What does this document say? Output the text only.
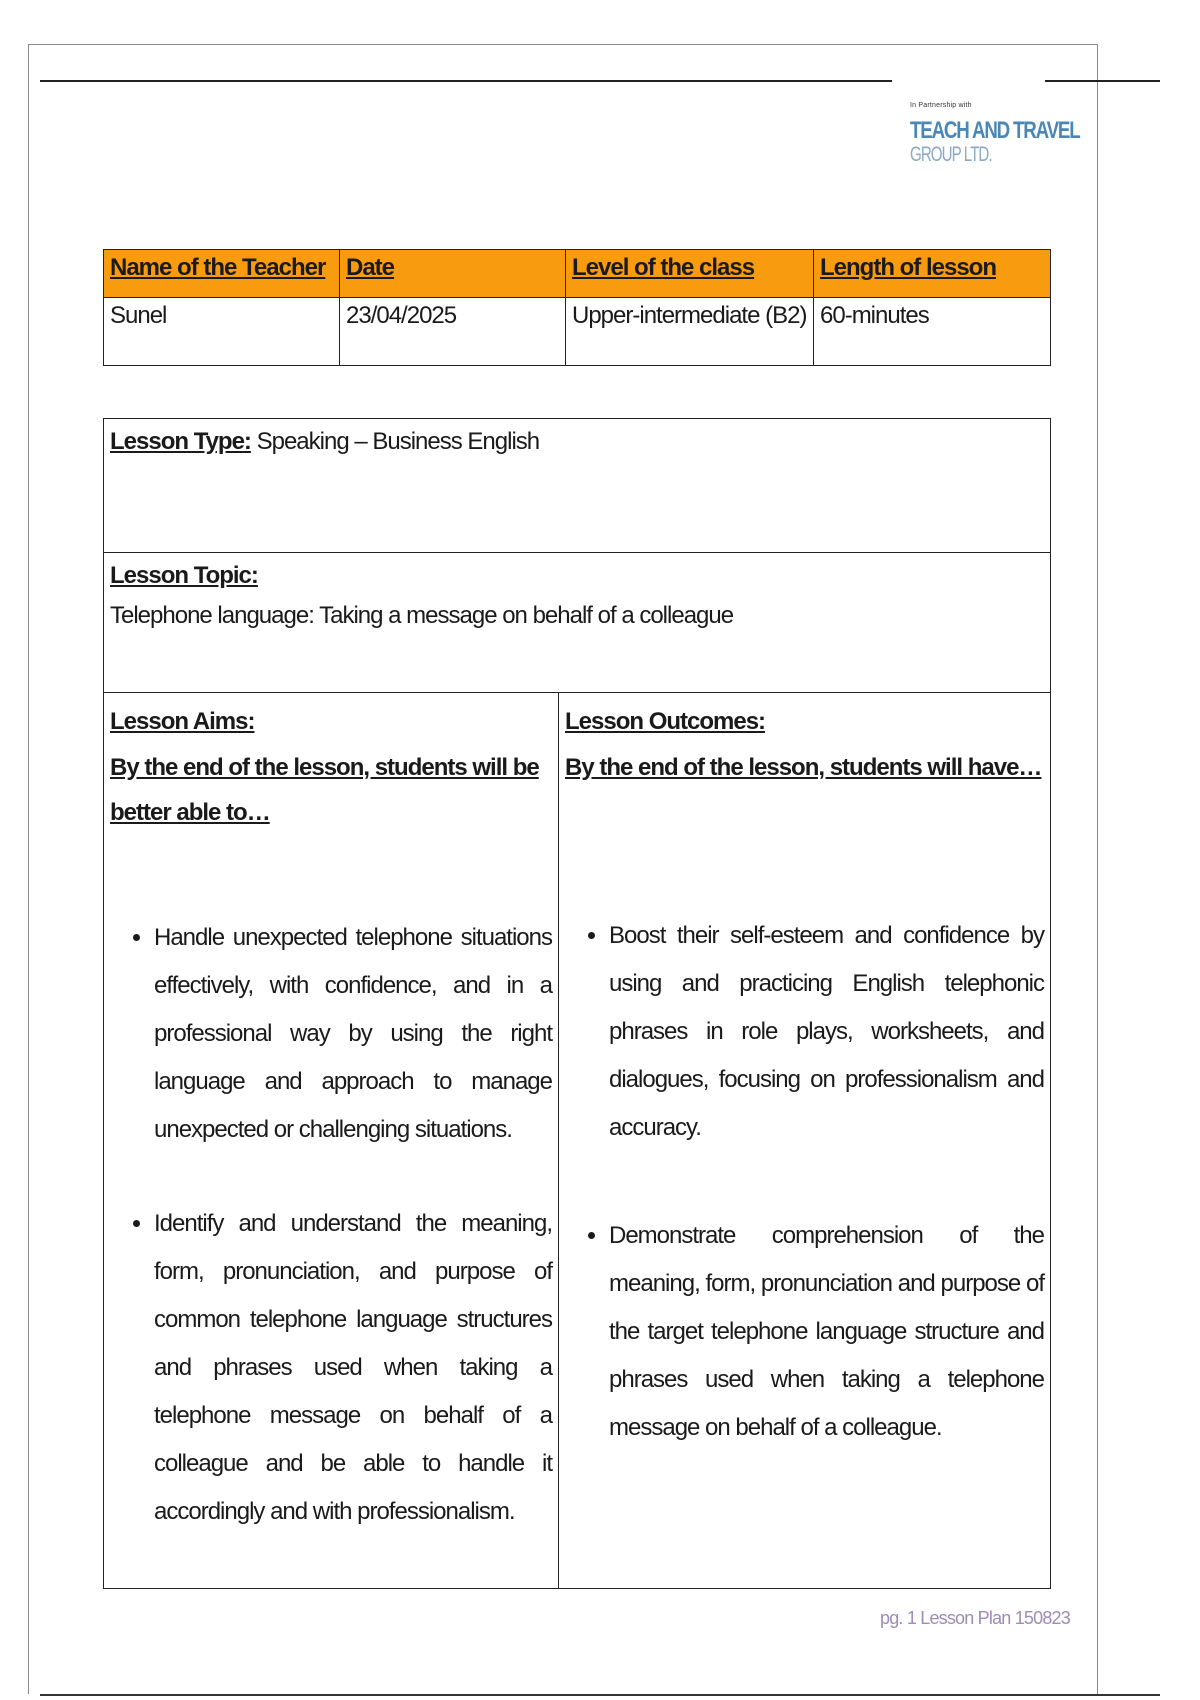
In Partnership with
TEACH AND TRAVEL
GROUP LTD.
Name of the Teacher	Date	Level of the class	Length of lesson
Sunel	23/04/2025	Upper-intermediate (B2)	60-minutes
Lesson Type: Speaking – Business English

Lesson Topic:
Telephone language: Taking a message on behalf of a colleague

Lesson Aims:
By the end of the lesson, students will be better able to…
• Handle unexpected telephone situations effectively, with confidence, and in a professional way by using the right language and approach to manage unexpected or challenging situations.
• Identify and understand the meaning, form, pronunciation, and purpose of common telephone language structures and phrases used when taking a telephone message on behalf of a colleague and be able to handle it accordingly and with professionalism.

Lesson Outcomes:
By the end of the lesson, students will have…
• Boost their self-esteem and confidence by using and practicing English telephonic phrases in role plays, worksheets, and dialogues, focusing on professionalism and accuracy.
• Demonstrate comprehension of the meaning, form, pronunciation and purpose of the target telephone language structure and phrases used when taking a telephone message on behalf of a colleague.
pg. 1 Lesson Plan 150823
